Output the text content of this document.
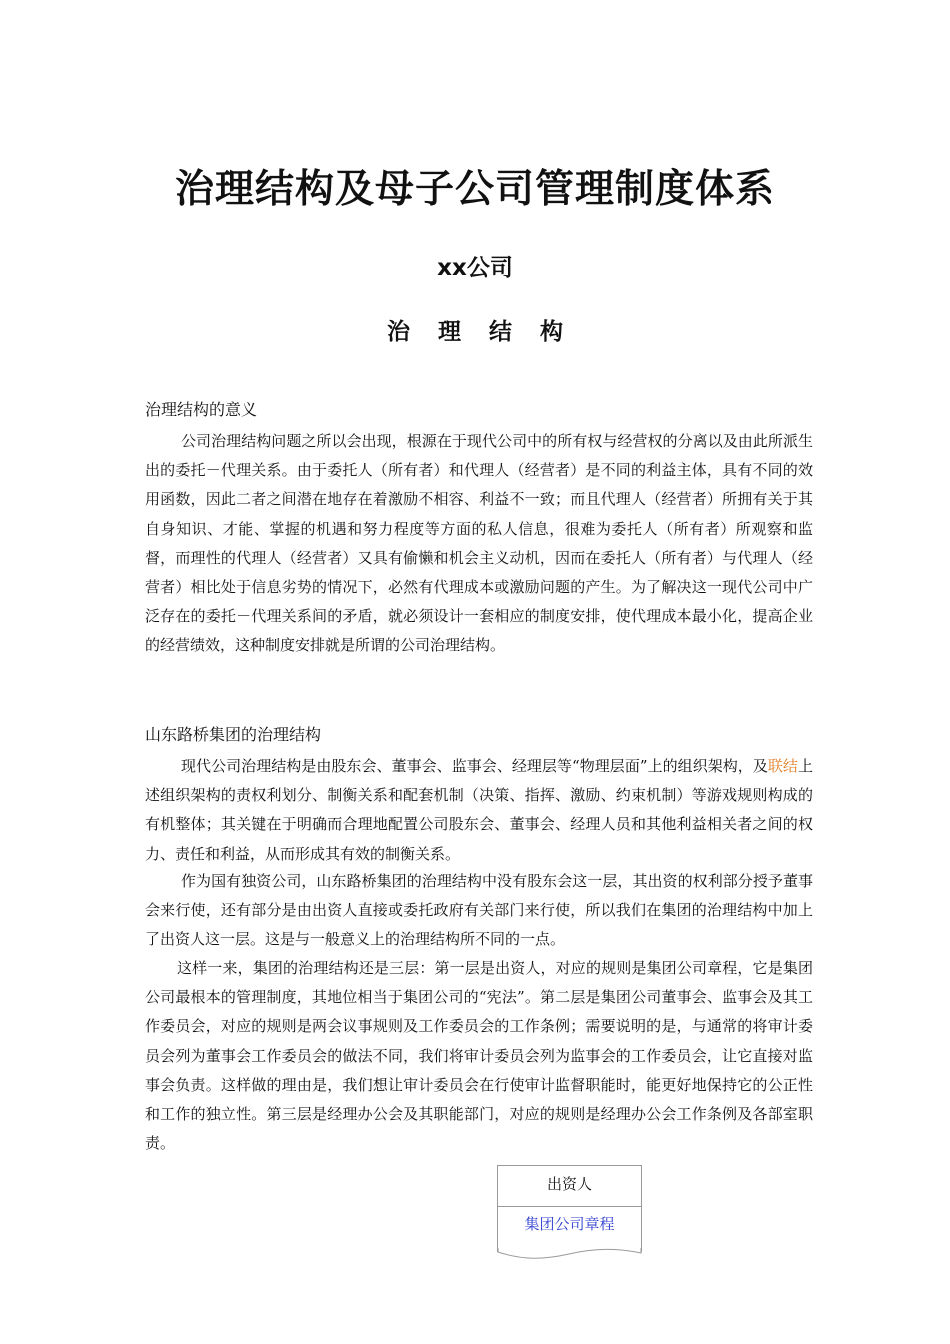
治理结构及母子公司管理制度体系
xx公司
治理结构
治理结构的意义

公司治理结构问题之所以会出现，根源在于现代公司中的所有权与经营权的分离以及由此所派生出的委托－代理关系。由于委托人（所有者）和代理人（经营者）是不同的利益主体，具有不同的效用函数，因此二者之间潜在地存在着激励不相容、利益不一致；而且代理人（经营者）所拥有关于其自身知识、才能、掌握的机遇和努力程度等方面的私人信息，很难为委托人（所有者）所观察和监督，而理性的代理人（经营者）又具有偷懒和机会主义动机，因而在委托人（所有者）与代理人（经营者）相比处于信息劣势的情况下，必然有代理成本或激励问题的产生。为了解决这一现代公司中广泛存在的委托－代理关系间的矛盾，就必须设计一套相应的制度安排，使代理成本最小化，提高企业的经营绩效，这种制度安排就是所谓的公司治理结构。

山东路桥集团的治理结构

现代公司治理结构是由股东会、董事会、监事会、经理层等“物理层面”上的组织架构，及联结上述组织架构的责权利划分、制衡关系和配套机制（决策、指挥、激励、约束机制）等游戏规则构成的有机整体；其关键在于明确而合理地配置公司股东会、董事会、经理人员和其他利益相关者之间的权力、责任和利益，从而形成其有效的制衡关系。

作为国有独资公司，山东路桥集团的治理结构中没有股东会这一层，其出资的权利部分授予董事会来行使，还有部分是由出资人直接或委托政府有关部门来行使，所以我们在集团的治理结构中加上了出资人这一层。这是与一般意义上的治理结构所不同的一点。

这样一来，集团的治理结构还是三层：第一层是出资人，对应的规则是集团公司章程，它是集团公司最根本的管理制度，其地位相当于集团公司的“宪法”。第二层是集团公司董事会、监事会及其工作委员会，对应的规则是两会议事规则及工作委员会的工作条例；需要说明的是，与通常的将审计委员会列为董事会工作委员会的做法不同，我们将审计委员会列为监事会的工作委员会，让它直接对监事会负责。这样做的理由是，我们想让审计委员会在行使审计监督职能时，能更好地保持它的公正性和工作的独立性。第三层是经理办公会及其职能部门，对应的规则是经理办公会工作条例及各部室职责。

出资人
集团公司章程
